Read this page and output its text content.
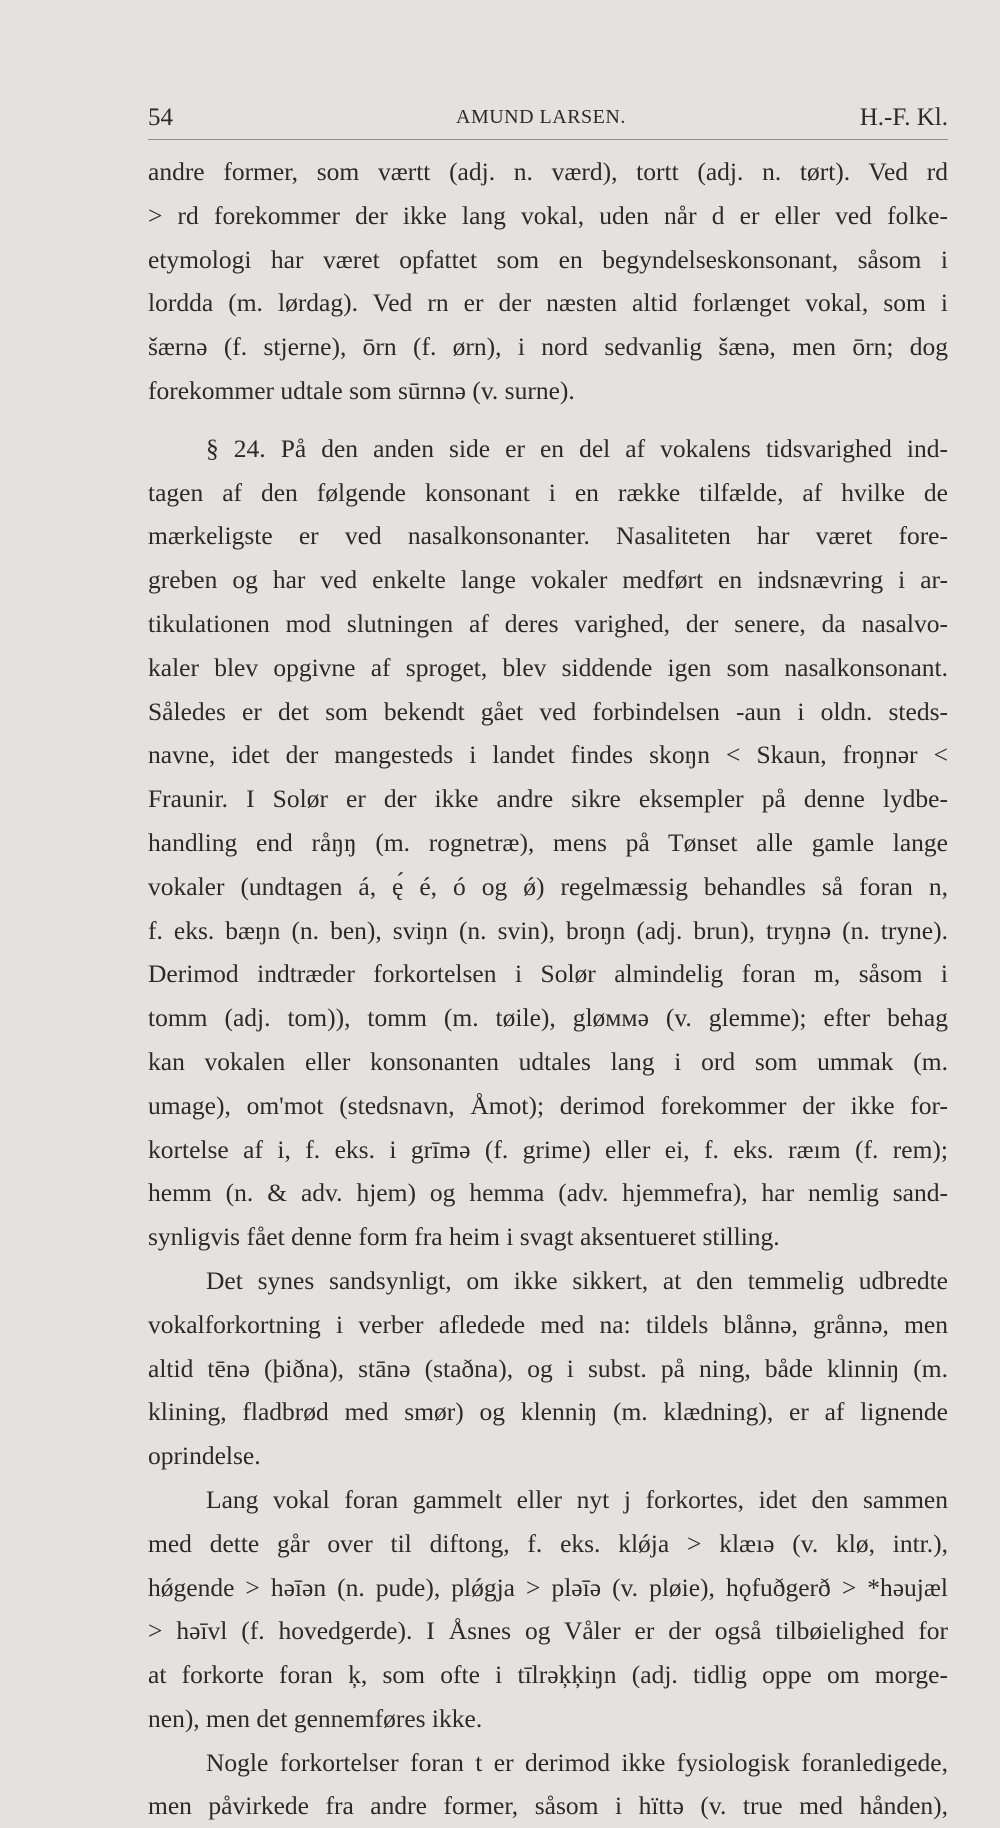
54	AMUND LARSEN.	H.-F. Kl.
andre former, som værtt (adj. n. værd), tortt (adj. n. tørt). Ved rd
> rd forekommer der ikke lang vokal, uden når d er eller ved folke-
etymologi har været opfattet som en begyndelseskonsonant, såsom i
lordda (m. lørdag). Ved rn er der næsten altid forlænget vokal, som i
šærnə (f. stjerne), ōrn (f. ørn), i nord sedvanlig šænə, men ōrn; dog
forekommer udtale som sūrnnə (v. surne).
§ 24. På den anden side er en del af vokalens tidsvarighed ind-
tagen af den følgende konsonant i en række tilfælde, af hvilke de
mærkeligste er ved nasalkonsonanter. Nasaliteten har været fore-
greben og har ved enkelte lange vokaler medført en indsnævring i ar-
tikulationen mod slutningen af deres varighed, der senere, da nasalvo-
kaler blev opgivne af sproget, blev siddende igen som nasalkonsonant.
Således er det som bekendt gået ved forbindelsen -aun i oldn. steds-
navne, idet der mangesteds i landet findes skoŋn < Skaun, froŋnər <
Fraunir. I Solør er der ikke andre sikre eksempler på denne lydbe-
handling end råŋŋ (m. rognetræ), mens på Tønset alle gamle lange
vokaler (undtagen á, ę́ é, ó og ǿ) regelmæssig behandles så foran n,
f. eks. bæŋn (n. ben), sviŋn (n. svin), broŋn (adj. brun), tryŋnə (n. tryne).
Derimod indtræder forkortelsen i Solør almindelig foran m, såsom i
tomm (adj. tom)), tomm (m. tøile), gløммə (v. glemme); efter behag
kan vokalen eller konsonanten udtales lang i ord som ummak (m.
umage), om'mot (stedsnavn, Åmot); derimod forekommer der ikke for-
kortelse af i, f. eks. i grīmə (f. grime) eller ei, f. eks. ræım (f. rem);
hemm (n. & adv. hjem) og hemma (adv. hjemmefra), har nemlig sand-
synligvis fået denne form fra heim i svagt aksentueret stilling.
Det synes sandsynligt, om ikke sikkert, at den temmelig udbredte
vokalforkortning i verber afledede med na: tildels blånnə, grånnə, men
altid tēnə (þiðna), stānə (staðna), og i subst. på ning, både klinniŋ (m.
klining, fladbrød med smør) og klenniŋ (m. klædning), er af lignende
oprindelse.
Lang vokal foran gammelt eller nyt j forkortes, idet den sammen
med dette går over til diftong, f. eks. klǿja > klæıə (v. klø, intr.),
hǿgende > həīən (n. pude), plǿgja > pləīə (v. pløie), hǫfuðgerð > *həujæl
> həīvl (f. hovedgerde). I Åsnes og Våler er der også tilbøielighed for
at forkorte foran ķ, som ofte i tīlrəķķiŋn (adj. tidlig oppe om morge-
nen), men det gennemføres ikke.
Nogle forkortelser foran t er derimod ikke fysiologisk foranledigede,
men påvirkede fra andre former, såsom i hïttə (v. true med hånden),
